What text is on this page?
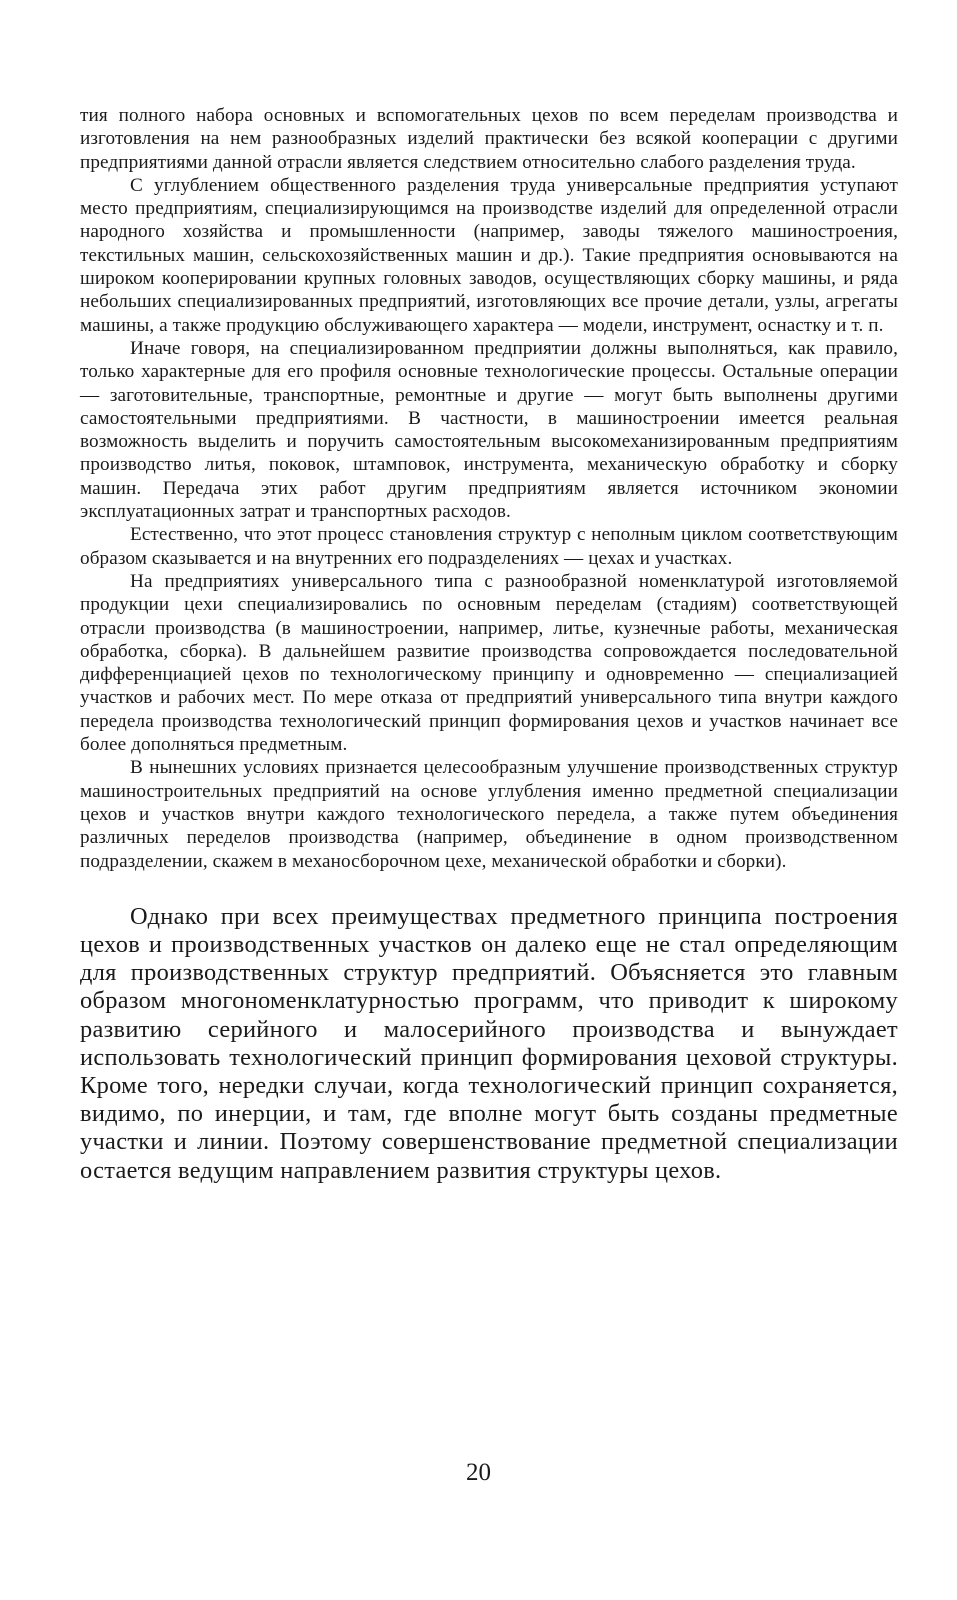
тия полного набора основных и вспомогательных цехов по всем переделам производства и изготовления на нем разнообразных изделий практически без всякой кооперации с другими предприятиями данной отрасли является следствием относительно слабого разделения труда.

С углублением общественного разделения труда универсальные предприятия уступают место предприятиям, специализирующимся на производстве изделий для определенной отрасли народного хозяйства и промышленности (например, заводы тяжелого машиностроения, текстильных машин, сельскохозяйственных машин и др.). Такие предприятия основываются на широком кооперировании крупных головных заводов, осуществляющих сборку машины, и ряда небольших специализированных предприятий, изготовляющих все прочие детали, узлы, агрегаты машины, а также продукцию обслуживающего характера — модели, инструмент, оснастку и т. п.

Иначе говоря, на специализированном предприятии должны выполняться, как правило, только характерные для его профиля основные технологические процессы. Остальные операции — заготовительные, транспортные, ремонтные и другие — могут быть выполнены другими самостоятельными предприятиями. В частности, в машиностроении имеется реальная возможность выделить и поручить самостоятельным высокомеханизированным предприятиям производство литья, поковок, штамповок, инструмента, механическую обработку и сборку машин. Передача этих работ другим предприятиям является источником экономии эксплуатационных затрат и транспортных расходов.

Естественно, что этот процесс становления структур с неполным циклом соответствующим образом сказывается и на внутренних его подразделениях — цехах и участках.

На предприятиях универсального типа с разнообразной номенклатурой изготовляемой продукции цехи специализировались по основным переделам (стадиям) соответствующей отрасли производства (в машиностроении, например, литье, кузнечные работы, механическая обработка, сборка). В дальнейшем развитие производства сопровождается последовательной дифференциацией цехов по технологическому принципу и одновременно — специализацией участков и рабочих мест. По мере отказа от предприятий универсального типа внутри каждого передела производства технологический принцип формирования цехов и участков начинает все более дополняться предметным.

В нынешних условиях признается целесообразным улучшение производственных структур машиностроительных предприятий на основе углубления именно предметной специализации цехов и участков внутри каждого технологического передела, а также путем объединения различных переделов производства (например, объединение в одном производственном подразделении, скажем в механосборочном цехе, механической обработки и сборки).

Однако при всех преимуществах предметного принципа построения цехов и производственных участков он далеко еще не стал определяющим для производственных структур предприятий. Объясняется это главным образом многономенклатурностью программ, что приводит к широкому развитию серийного и малосерийного производства и вынуждает использовать технологический принцип формирования цеховой структуры. Кроме того, нередки случаи, когда технологический принцип сохраняется, видимо, по инерции, и там, где вполне могут быть созданы предметные участки и линии. Поэтому совершенствование предметной специализации остается ведущим направлением развития структуры цехов.

20
